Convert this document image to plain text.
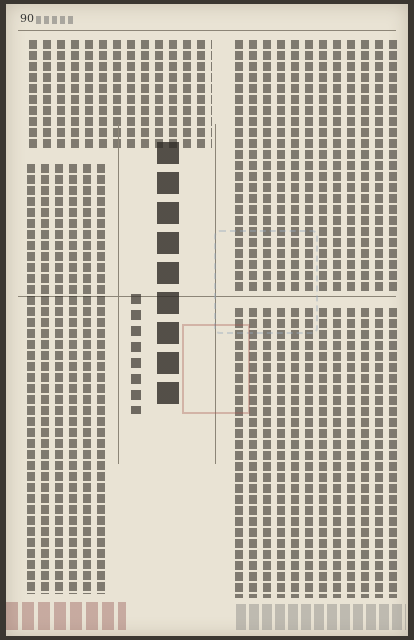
90
